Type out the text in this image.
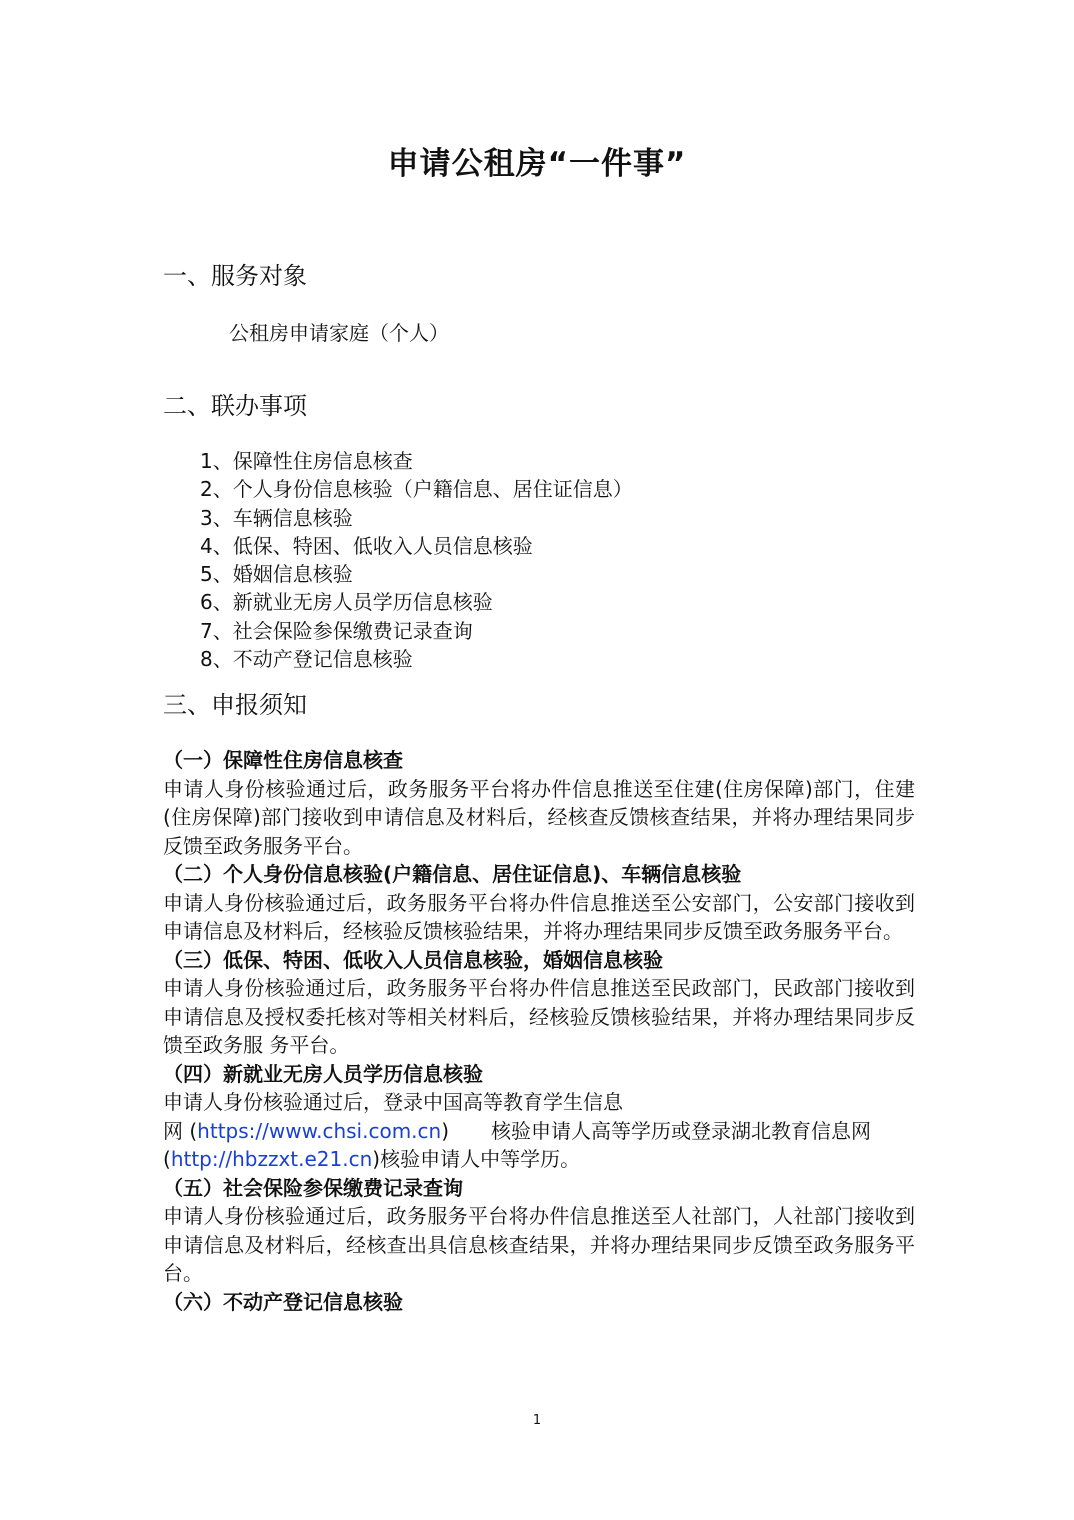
申请公租房“一件事”
一、服务对象

公租房申请家庭（个人）

二、联办事项
1、保障性住房信息核查
2、个人身份信息核验（户籍信息、居住证信息）
3、车辆信息核验
4、低保、特困、低收入人员信息核验
5、婚姻信息核验
6、新就业无房人员学历信息核验
7、社会保险参保缴费记录查询
8、不动产登记信息核验
三、申报须知

（一）保障性住房信息核查

申请人身份核验通过后，政务服务平台将办件信息推送至住建(住房保障)部门，住建(住房保障)部门接收到申请信息及材料后，经核查反馈核查结果，并将办理结果同步反馈至政务服务平台。

（二）个人身份信息核验(户籍信息、居住证信息)、车辆信息核验

申请人身份核验通过后，政务服务平台将办件信息推送至公安部门，公安部门接收到申请信息及材料后，经核验反馈核验结果，并将办理结果同步反馈至政务服务平台。

（三）低保、特困、低收入人员信息核验，婚姻信息核验

申请人身份核验通过后，政务服务平台将办件信息推送至民政部门，民政部门接收到申请信息及授权委托核对等相关材料后，经核验反馈核验结果，并将办理结果同步反馈至政务服 务平台。

（四）新就业无房人员学历信息核验

申请人身份核验通过后，登录中国高等教育学生信息

网 (https://www.chsi.com.cn) 核验申请人高等学历或登录湖北教育信息网

(http://hbzzxt.e21.cn)核验申请人中等学历。

（五）社会保险参保缴费记录查询

申请人身份核验通过后，政务服务平台将办件信息推送至人社部门，人社部门接收到申请信息及材料后，经核查出具信息核查结果，并将办理结果同步反馈至政务服务平台。

（六）不动产登记信息核验

1
